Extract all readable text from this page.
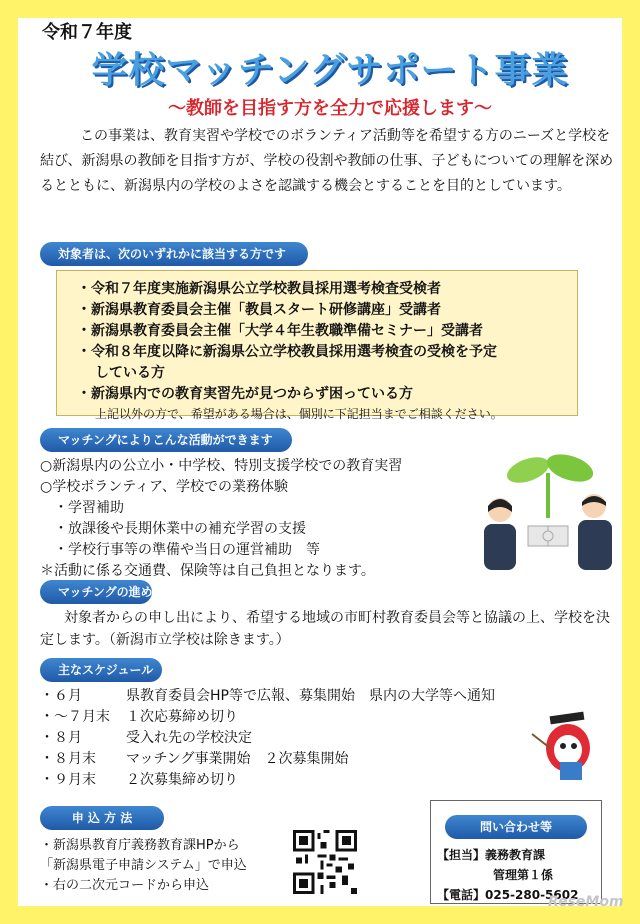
令和７年度
学校マッチングサポート事業
～教師を目指す方を全力で応援します～

この事業は、教育実習や学校でのボランティア活動等を希望する方のニーズと学校を結び、新潟県の教師を目指す方が、学校の役割や教師の仕事、子どもについての理解を深めるとともに、新潟県内の学校のよさを認識する機会とすることを目的としています。

対象者は、次のいずれかに該当する方です
・令和７年度実施新潟県公立学校教員採用選考検査受検者
・新潟県教育委員会主催「教員スタート研修講座」受講者
・新潟県教育委員会主催「大学４年生教職準備セミナー」受講者
・令和８年度以降に新潟県公立学校教員採用選考検査の受検を予定
している方
・新潟県内での教育実習先が見つからず困っている方
上記以外の方で、希望がある場合は、個別に下記担当までご相談ください。
マッチングによりこんな活動ができます
○新潟県内の公立小・中学校、特別支援学校での教育実習
○学校ボランティア、学校での業務体験
・学習補助
・放課後や長期休業中の補充学習の支援
・学校行事等の準備や当日の運営補助　等
＊活動に係る交通費、保険等は自己負担となります。
マッチングの進め方

対象者からの申し出により、希望する地域の市町村教育委員会等と協議の上、学校を決定します。（新潟市立学校は除きます。）

主なスケジュール
・６月	県教育委員会HP等で広報、募集開始　県内の大学等へ通知
・～７月末	１次応募締め切り
・８月	受入れ先の学校決定
・８月末	マッチング事業開始　２次募集開始
・９月末	２次募集締め切り
申 込 方 法
・新潟県教育庁義務教育課HPから
「新潟県電子申請システム」で申込
・右の二次元コードから申込
問い合わせ等
【担当】義務教育課
管理第１係
【電話】025-280-5602
ReseMom
